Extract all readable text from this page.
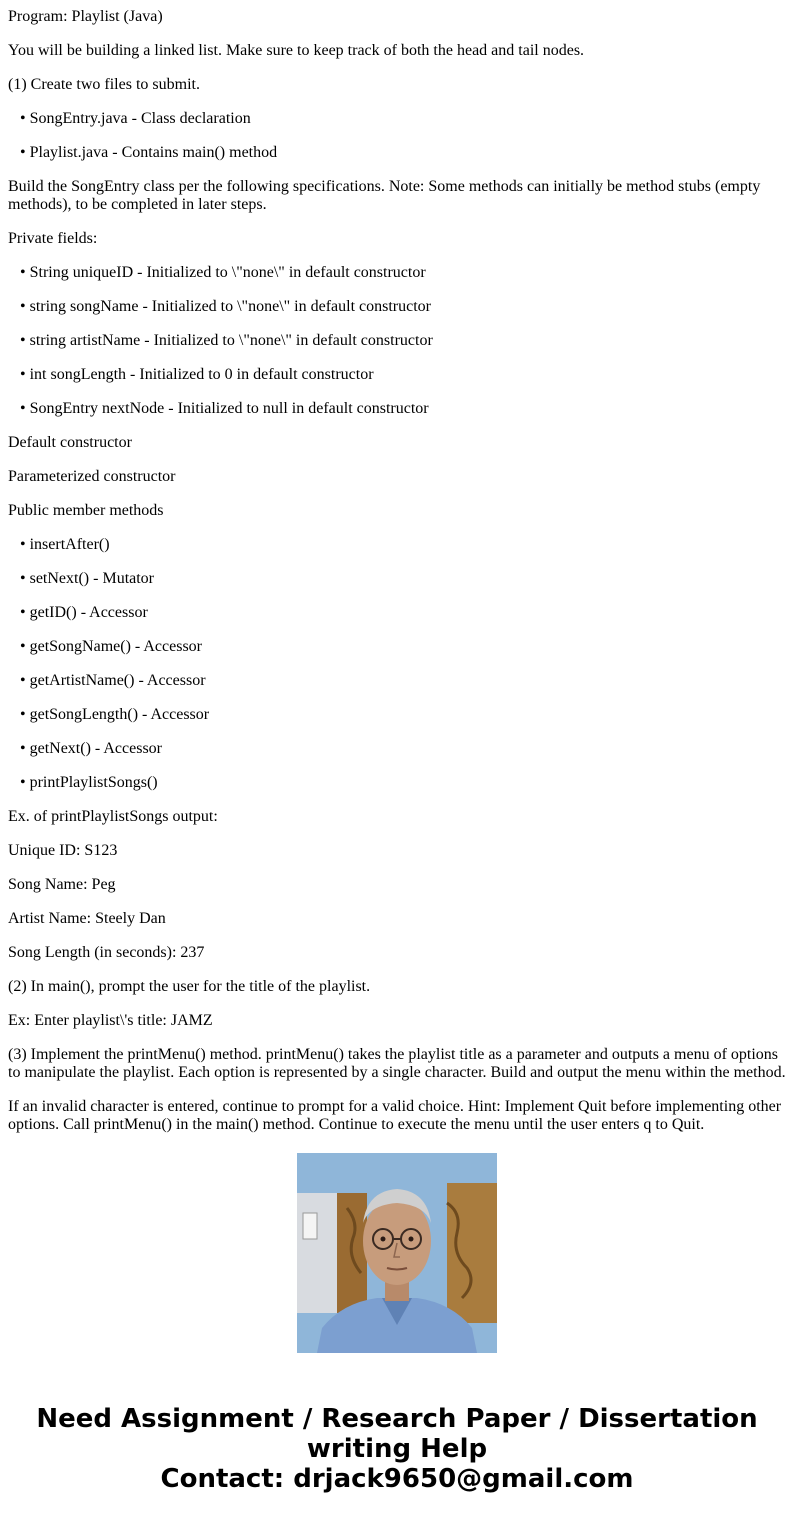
Program: Playlist (Java)

You will be building a linked list. Make sure to keep track of both the head and tail nodes.

(1) Create two files to submit.

• SongEntry.java - Class declaration

• Playlist.java - Contains main() method

Build the SongEntry class per the following specifications. Note: Some methods can initially be method stubs (empty methods), to be completed in later steps.

Private fields:

• String uniqueID - Initialized to \"none\" in default constructor

• string songName - Initialized to \"none\" in default constructor

• string artistName - Initialized to \"none\" in default constructor

• int songLength - Initialized to 0 in default constructor

• SongEntry nextNode - Initialized to null in default constructor

Default constructor

Parameterized constructor

Public member methods

• insertAfter()

• setNext() - Mutator

• getID() - Accessor

• getSongName() - Accessor

• getArtistName() - Accessor

• getSongLength() - Accessor

• getNext() - Accessor

• printPlaylistSongs()

Ex. of printPlaylistSongs output:

Unique ID: S123

Song Name: Peg

Artist Name: Steely Dan

Song Length (in seconds): 237

(2) In main(), prompt the user for the title of the playlist.

Ex: Enter playlist\'s title: JAMZ

(3) Implement the printMenu() method. printMenu() takes the playlist title as a parameter and outputs a menu of options to manipulate the playlist. Each option is represented by a single character. Build and output the menu within the method.

If an invalid character is entered, continue to prompt for a valid choice. Hint: Implement Quit before implementing other options. Call printMenu() in the main() method. Continue to execute the menu until the user enters q to Quit.

Need Assignment / Research Paper / Dissertation
writing Help
Contact: drjack9650@gmail.com
